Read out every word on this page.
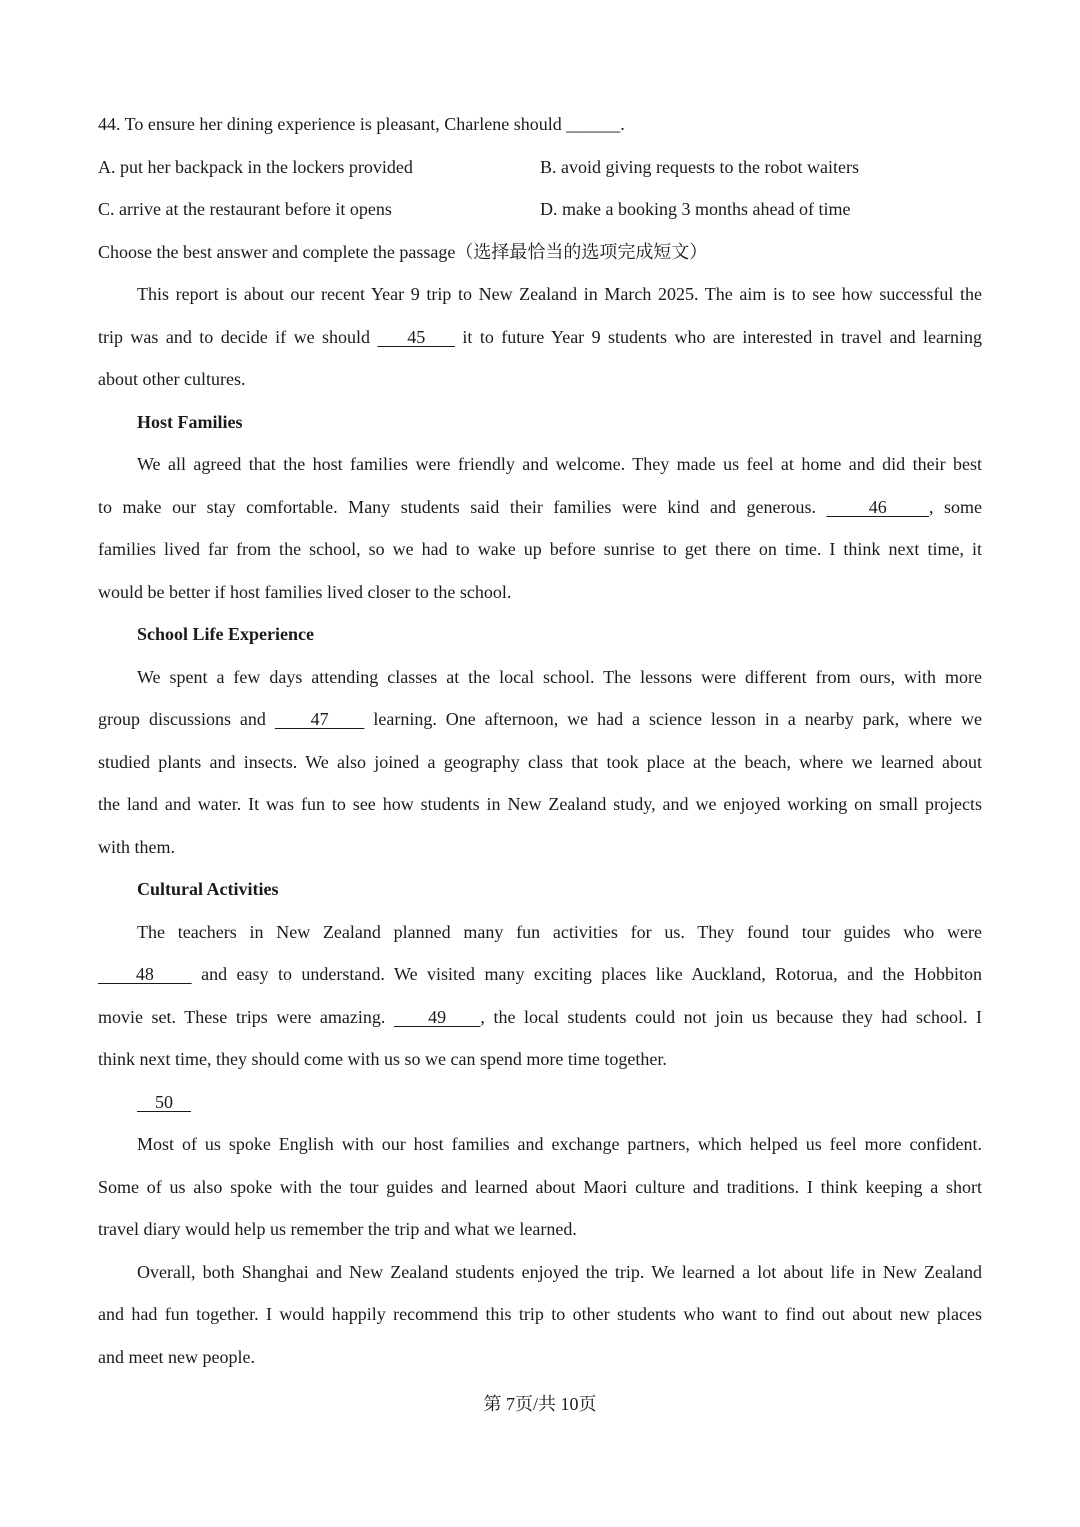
44. To ensure her dining experience is pleasant, Charlene should ______.
A. put her backpack in the lockers provided	B. avoid giving requests to the robot waiters
C. arrive at the restaurant before it opens	D. make a booking 3 months ahead of time
Choose the best answer and complete the passage（选择最恰当的选项完成短文）
This report is about our recent Year 9 trip to New Zealand in March 2025. The aim is to see how successful the
trip was and to decide if we should     45     it to future Year 9 students who are interested in travel and learning
about other cultures.
Host Families
We all agreed that the host families were friendly and welcome. They made us feel at home and did their best
to make our stay comfortable. Many students said their families were kind and generous.     46    , some
families lived far from the school, so we had to wake up before sunrise to get there on time. I think next time, it
would be better if host families lived closer to the school.
School Life Experience
We spent a few days attending classes at the local school. The lessons were different from ours, with more
group discussions and     47     learning. One afternoon, we had a science lesson in a nearby park, where we
studied plants and insects. We also joined a geography class that took place at the beach, where we learned about
the land and water. It was fun to see how students in New Zealand study, and we enjoyed working on small projects
with them.
Cultural Activities
The teachers in New Zealand planned many fun activities for us. They found tour guides who were
48     and easy to understand. We visited many exciting places like Auckland, Rotorua, and the Hobbiton
movie set. These trips were amazing.     49    , the local students could not join us because they had school. I
think next time, they should come with us so we can spend more time together.
50
Most of us spoke English with our host families and exchange partners, which helped us feel more confident.
Some of us also spoke with the tour guides and learned about Maori culture and traditions. I think keeping a short
travel diary would help us remember the trip and what we learned.
Overall, both Shanghai and New Zealand students enjoyed the trip. We learned a lot about life in New Zealand
and had fun together. I would happily recommend this trip to other students who want to find out about new places
and meet new people.
第 7页/共 10页
